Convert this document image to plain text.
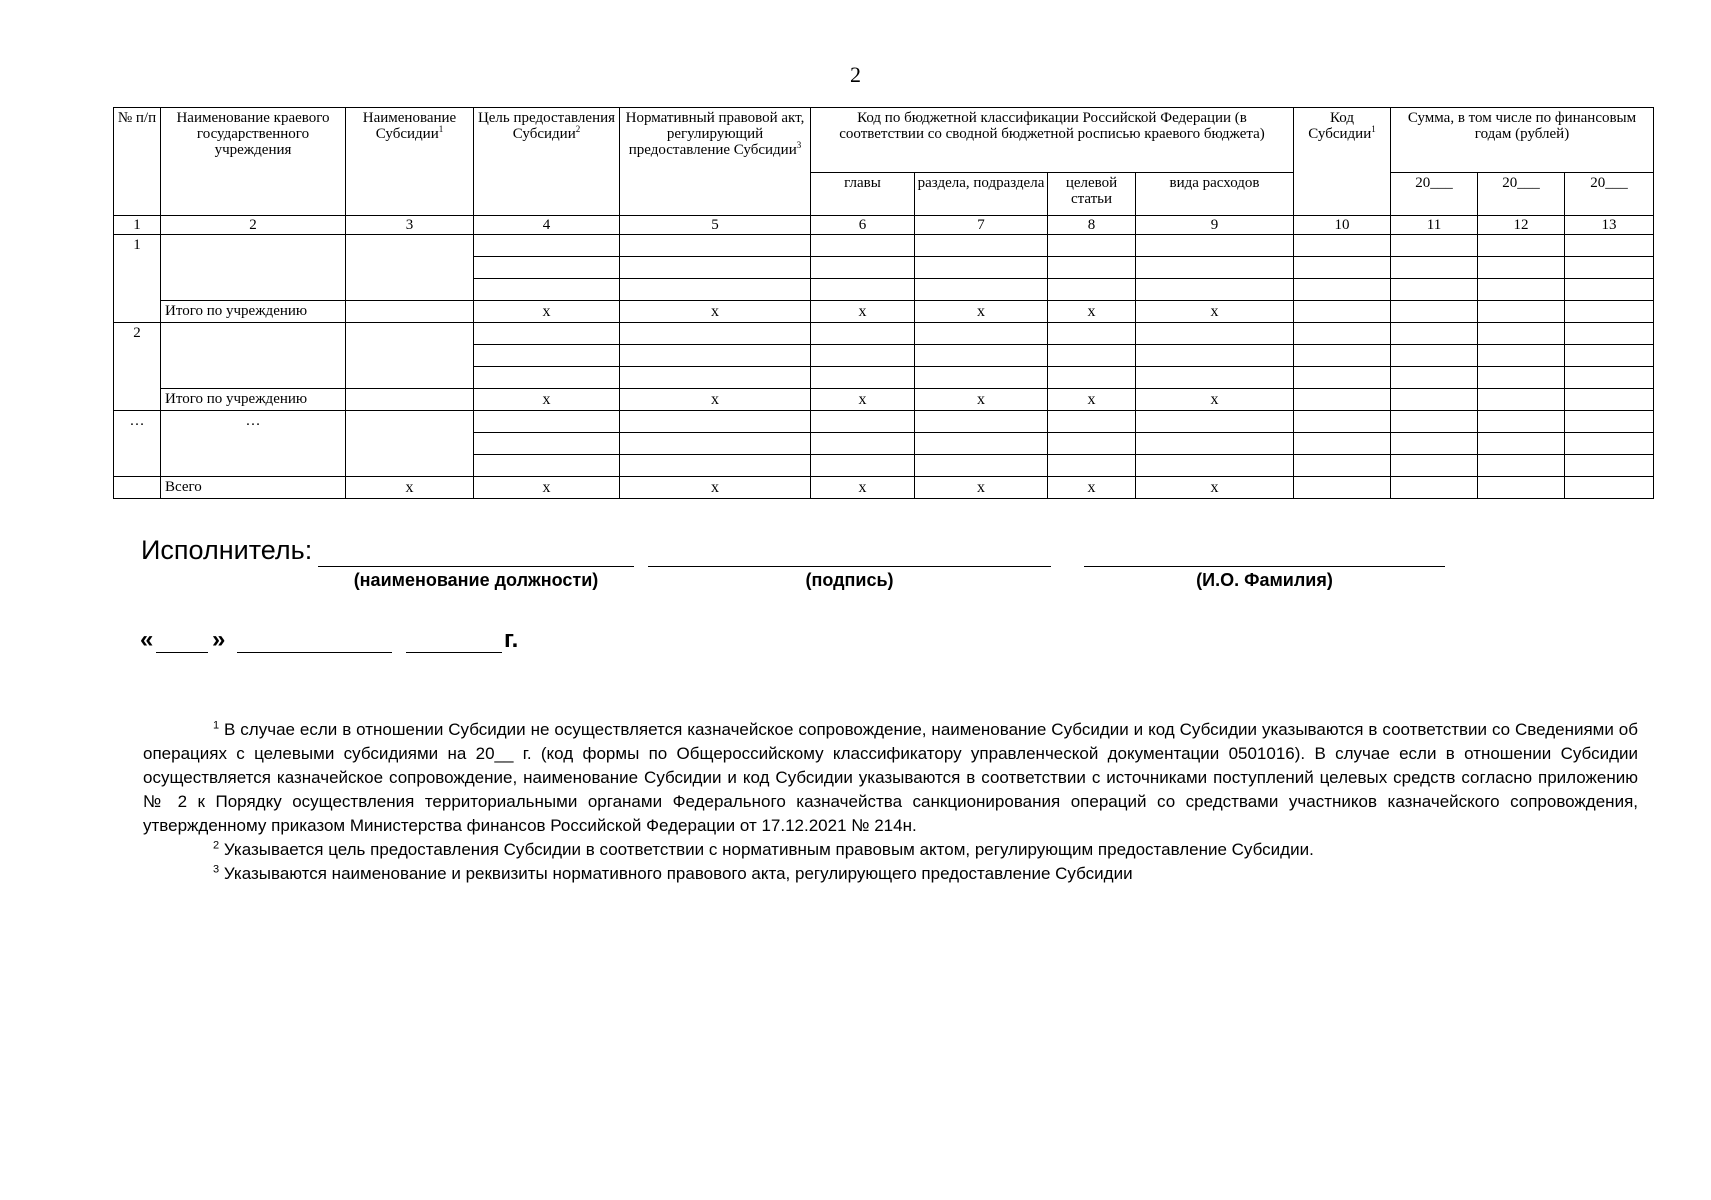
2
№ п/п	Наименование краевого государственного учреждения	Наименование Субсидии$^1$	Цель предоставления Субсидии$^2$	Нормативный правовой акт, регулирующий предоставление Субсидии$^3$	Код по бюджетной классификации Российской Федерации (в соответствии со сводной бюджетной росписью краевого бюджета)				Код Субсидии$^1$	Сумма, в том числе по финансовым годам (рублей)		
					главы	раздела, подраздела	целевой статьи	вида расходов		20___	20___	20___
1	2	3	4	5	6	7	8	9	10	11	12	13
1												

	Итого по учреждению		x	x	x	x	x	x				
2												

	Итого по учреждению		x	x	x	x	x	x				
…	…											

	Всего	x	x	x	x	x	x	x				
Исполнитель:
(наименование должности)	(подпись)	(И.О. Фамилия)
« »	г.

$^1$ В случае если в отношении Субсидии не осуществляется казначейское сопровождение, наименование Субсидии и код Субсидии указываются в соответствии со Сведениями об операциях с целевыми субсидиями на 20__ г. (код формы по Общероссийскому классификатору управленческой документации 0501016). В случае если в отношении Субсидии осуществляется казначейское сопровождение, наименование Субсидии и код Субсидии указываются в соответствии с источниками поступлений целевых средств согласно приложению № 2 к Порядку осуществления территориальными органами Федерального казначейства санкционирования операций со средствами участников казначейского сопровождения, утвержденному приказом Министерства финансов Российской Федерации от 17.12.2021 № 214н.

$^2$ Указывается цель предоставления Субсидии в соответствии с нормативным правовым актом, регулирующим предоставление Субсидии.

$^3$ Указываются наименование и реквизиты нормативного правового акта, регулирующего предоставление Субсидии
